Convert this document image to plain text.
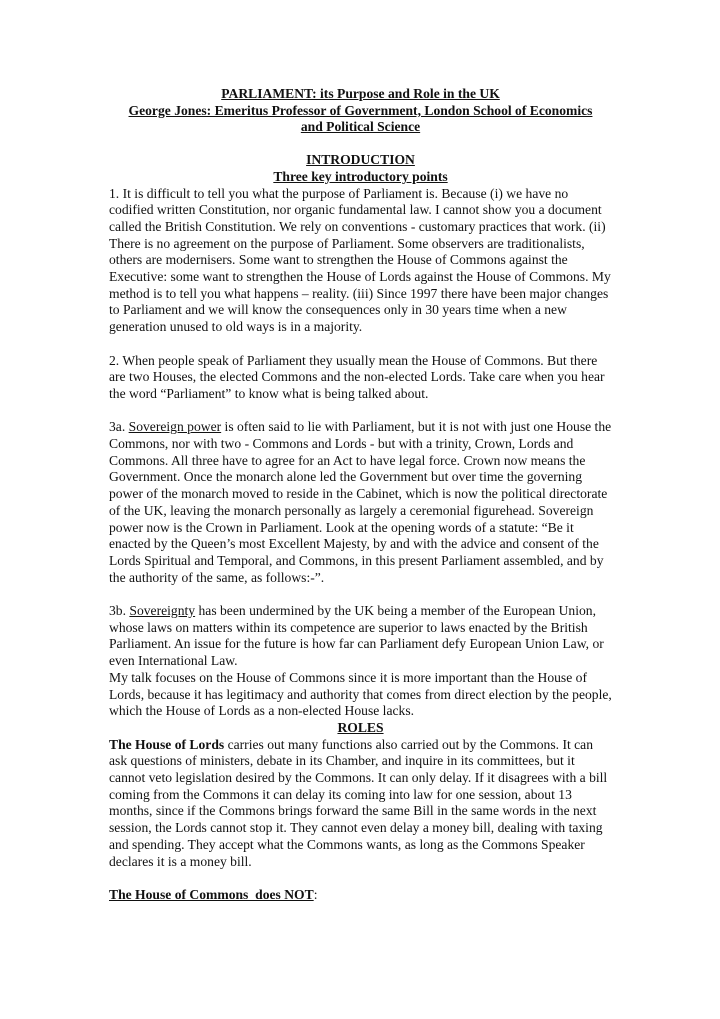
PARLIAMENT: its Purpose and Role in the UK
George Jones: Emeritus Professor of Government, London School of Economics
and Political Science
INTRODUCTION
Three key introductory points

1. It is difficult to tell you what the purpose of Parliament is. Because (i) we have no codified written Constitution, nor organic fundamental law. I cannot show you a document called the British Constitution. We rely on conventions - customary practices that work. (ii) There is no agreement on the purpose of Parliament. Some observers are traditionalists, others are modernisers. Some want to strengthen the House of Commons against the Executive: some want to strengthen the House of Lords against the House of Commons. My method is to tell you what happens – reality. (iii) Since 1997 there have been major changes to Parliament and we will know the consequences only in 30 years time when a new generation unused to old ways is in a majority.

2. When people speak of Parliament they usually mean the House of Commons. But there are two Houses, the elected Commons and the non-elected Lords. Take care when you hear the word “Parliament” to know what is being talked about.

3a. Sovereign power is often said to lie with Parliament, but it is not with just one House the Commons, nor with two - Commons and Lords - but with a trinity, Crown, Lords and Commons. All three have to agree for an Act to have legal force. Crown now means the Government. Once the monarch alone led the Government but over time the governing power of the monarch moved to reside in the Cabinet, which is now the political directorate of the UK, leaving the monarch personally as largely a ceremonial figurehead. Sovereign power now is the Crown in Parliament. Look at the opening words of a statute: “Be it enacted by the Queen’s most Excellent Majesty, by and with the advice and consent of the Lords Spiritual and Temporal, and Commons, in this present Parliament assembled, and by the authority of the same, as follows:-”.

3b. Sovereignty has been undermined by the UK being a member of the European Union, whose laws on matters within its competence are superior to laws enacted by the British Parliament. An issue for the future is how far can Parliament defy European Union Law, or even International Law.

My talk focuses on the House of Commons since it is more important than the House of Lords, because it has legitimacy and authority that comes from direct election by the people, which the House of Lords as a non-elected House lacks.

ROLES

The House of Lords carries out many functions also carried out by the Commons. It can ask questions of ministers, debate in its Chamber, and inquire in its committees, but it cannot veto legislation desired by the Commons. It can only delay. If it disagrees with a bill coming from the Commons it can delay its coming into law for one session, about 13 months, since if the Commons brings forward the same Bill in the same words in the next session, the Lords cannot stop it. They cannot even delay a money bill, dealing with taxing and spending. They accept what the Commons wants, as long as the Commons Speaker declares it is a money bill.

The House of Commons  does NOT:
